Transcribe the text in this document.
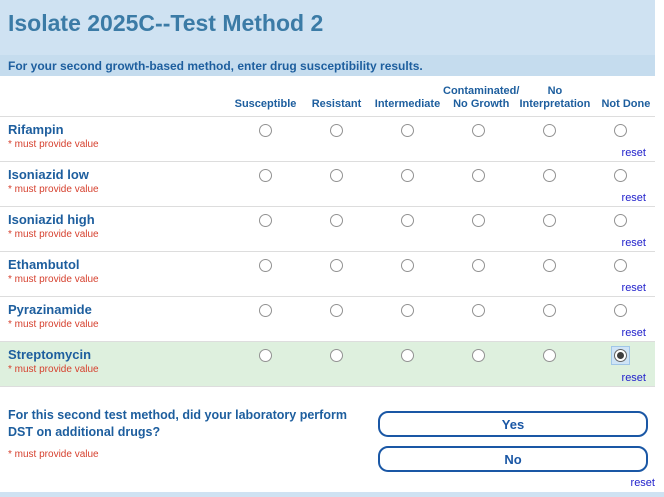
Isolate 2025C--Test Method 2
For your second growth-based method, enter drug susceptibility results.
Susceptible Resistant Intermediate
Contaminated/
No Growth
No
Interpretation Not Done
Rifampin
* must provide value
reset
Isoniazid low
* must provide value
reset
Isoniazid high
* must provide value
reset
Ethambutol
* must provide value
reset
Pyrazinamide
* must provide value
reset
Streptomycin
* must provide value
reset
For this second test method, did your laboratory perform DST on additional drugs?
* must provide value
Yes
No
reset
